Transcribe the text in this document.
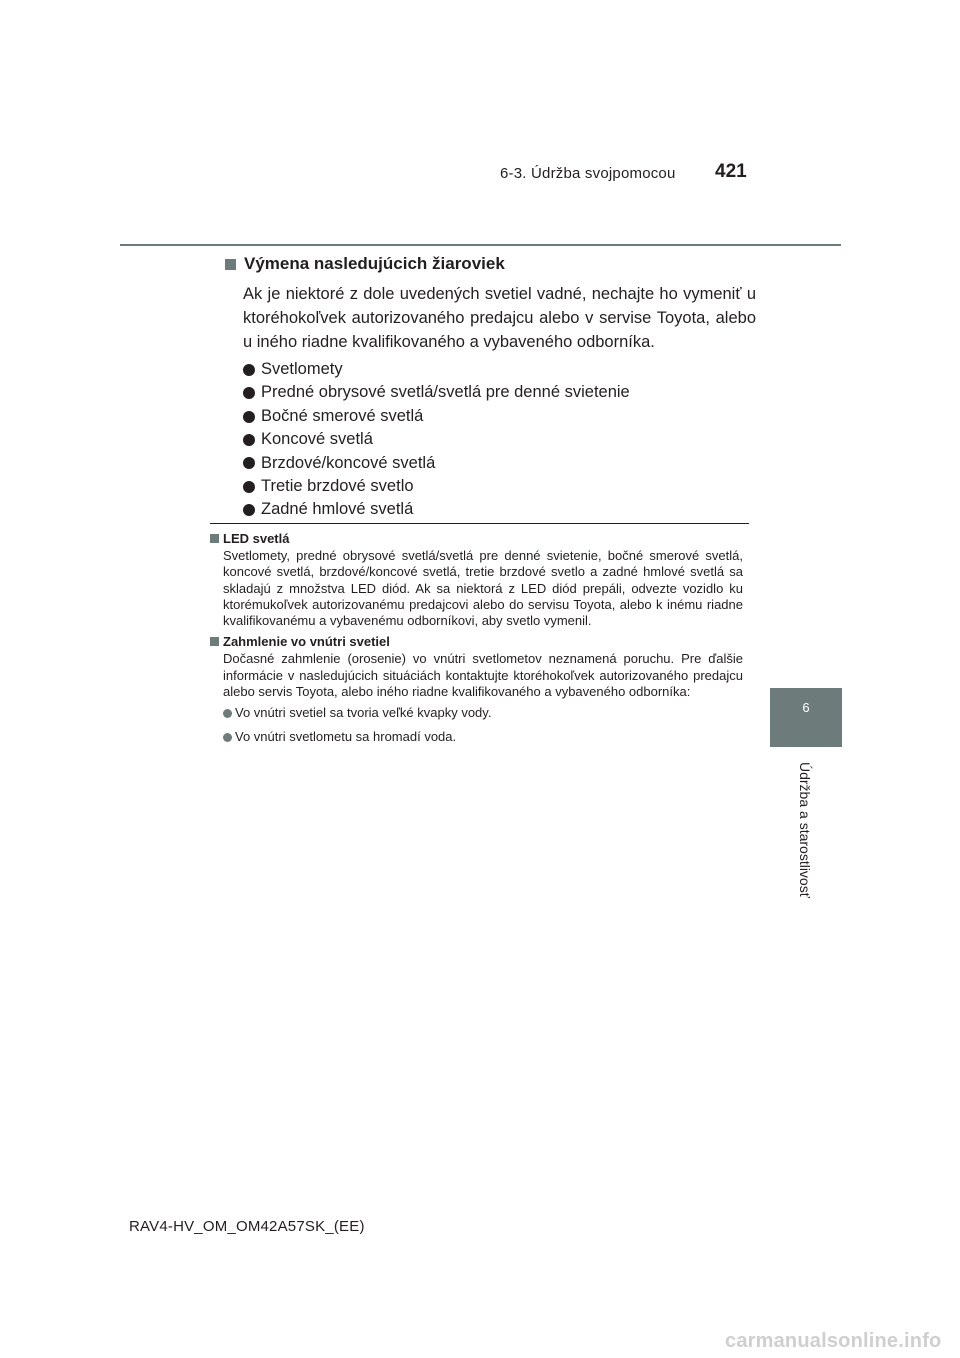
6-3. Údržba svojpomocou 421
6
Údržba a starostlivosť
Výmena nasledujúcich žiaroviek

Ak je niektoré z dole uvedených svetiel vadné, nechajte ho vymeniť u ktoréhokoľvek autorizovaného predajcu alebo v servise Toyota, alebo u iného riadne kvalifikovaného a vybaveného odborníka.

Svetlomety
Predné obrysové svetlá/svetlá pre denné svietenie
Bočné smerové svetlá
Koncové svetlá
Brzdové/koncové svetlá
Tretie brzdové svetlo
Zadné hmlové svetlá
LED svetlá

Svetlomety, predné obrysové svetlá/svetlá pre denné svietenie, bočné smerové svetlá, koncové svetlá, brzdové/koncové svetlá, tretie brzdové svetlo a zadné hmlové svetlá sa skladajú z množstva LED diód. Ak sa niektorá z LED diód prepáli, odvezte vozidlo ku ktorémukoľvek autorizovanému predajcovi alebo do servisu Toyota, alebo k inému riadne kvalifikovanému a vybavenému odborníkovi, aby svetlo vymenil.

Zahmlenie vo vnútri svetiel

Dočasné zahmlenie (orosenie) vo vnútri svetlometov neznamená poruchu. Pre ďalšie informácie v nasledujúcich situáciách kontaktujte ktoréhokoľvek autorizovaného predajcu alebo servis Toyota, alebo iného riadne kvalifikovaného a vybaveného odborníka:

Vo vnútri svetiel sa tvoria veľké kvapky vody.
Vo vnútri svetlometu sa hromadí voda.
RAV4-HV_OM_OM42A57SK_(EE)
carmanualsonline.info
